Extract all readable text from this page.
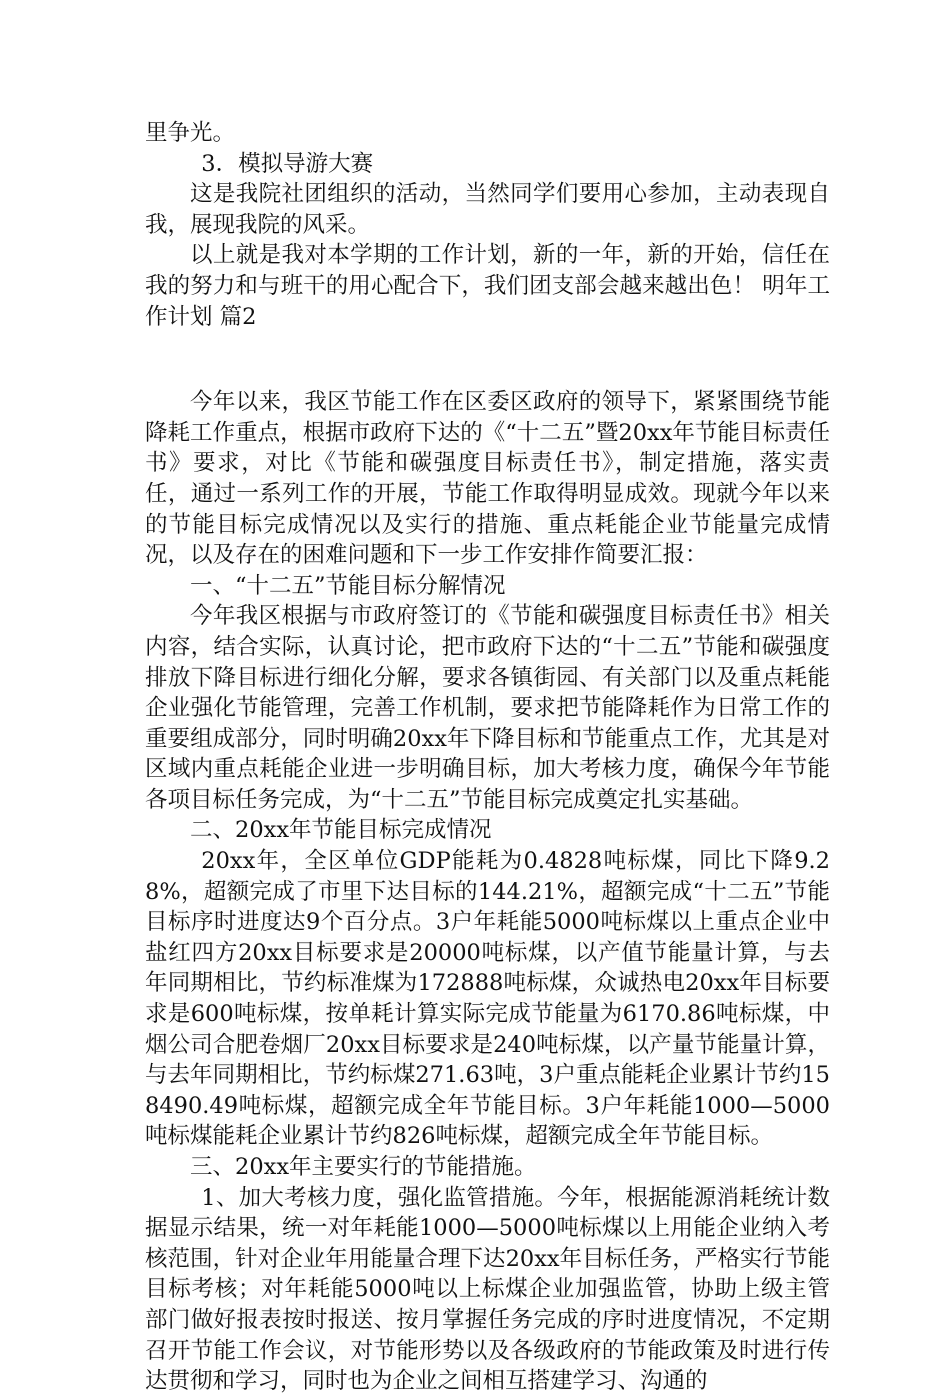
里争光。

3．模拟导游大赛

这是我院社团组织的活动，当然同学们要用心参加，主动表现自我，展现我院的风采。

以上就是我对本学期的工作计划，新的一年，新的开始，信任在我的努力和与班干的用心配合下，我们团支部会越来越出色！ 明年工作计划 篇2

今年以来，我区节能工作在区委区政府的领导下，紧紧围绕节能降耗工作重点，根据市政府下达的《“十二五”暨20xx年节能目标责任书》要求，对比《节能和碳强度目标责任书》，制定措施，落实责任，通过一系列工作的开展，节能工作取得明显成效。现就今年以来的节能目标完成情况以及实行的措施、重点耗能企业节能量完成情况，以及存在的困难问题和下一步工作安排作简要汇报：

一、“十二五”节能目标分解情况

今年我区根据与市政府签订的《节能和碳强度目标责任书》相关内容，结合实际，认真讨论，把市政府下达的“十二五”节能和碳强度排放下降目标进行细化分解，要求各镇街园、有关部门以及重点耗能企业强化节能管理，完善工作机制，要求把节能降耗作为日常工作的重要组成部分，同时明确20xx年下降目标和节能重点工作，尤其是对区域内重点耗能企业进一步明确目标，加大考核力度，确保今年节能各项目标任务完成，为“十二五”节能目标完成奠定扎实基础。

二、20xx年节能目标完成情况

20xx年，全区单位GDP能耗为0.4828吨标煤，同比下降9.28%，超额完成了市里下达目标的144.21%，超额完成“十二五”节能目标序时进度达9个百分点。3户年耗能5000吨标煤以上重点企业中盐红四方20xx目标要求是20000吨标煤，以产值节能量计算，与去年同期相比，节约标准煤为172888吨标煤，众诚热电20xx年目标要求是600吨标煤，按单耗计算实际完成节能量为6170.86吨标煤，中烟公司合肥卷烟厂20xx目标要求是240吨标煤，以产量节能量计算，与去年同期相比，节约标煤271.63吨，3户重点能耗企业累计节约158490.49吨标煤，超额完成全年节能目标。3户年耗能1000—5000吨标煤能耗企业累计节约826吨标煤，超额完成全年节能目标。

三、20xx年主要实行的节能措施。

1、加大考核力度，强化监管措施。今年，根据能源消耗统计数据显示结果，统一对年耗能1000—5000吨标煤以上用能企业纳入考核范围，针对企业年用能量合理下达20xx年目标任务，严格实行节能目标考核；对年耗能5000吨以上标煤企业加强监管，协助上级主管部门做好报表按时报送、按月掌握任务完成的序时进度情况，不定期召开节能工作会议，对节能形势以及各级政府的节能政策及时进行传达贯彻和学习，同时也为企业之间相互搭建学习、沟通的
